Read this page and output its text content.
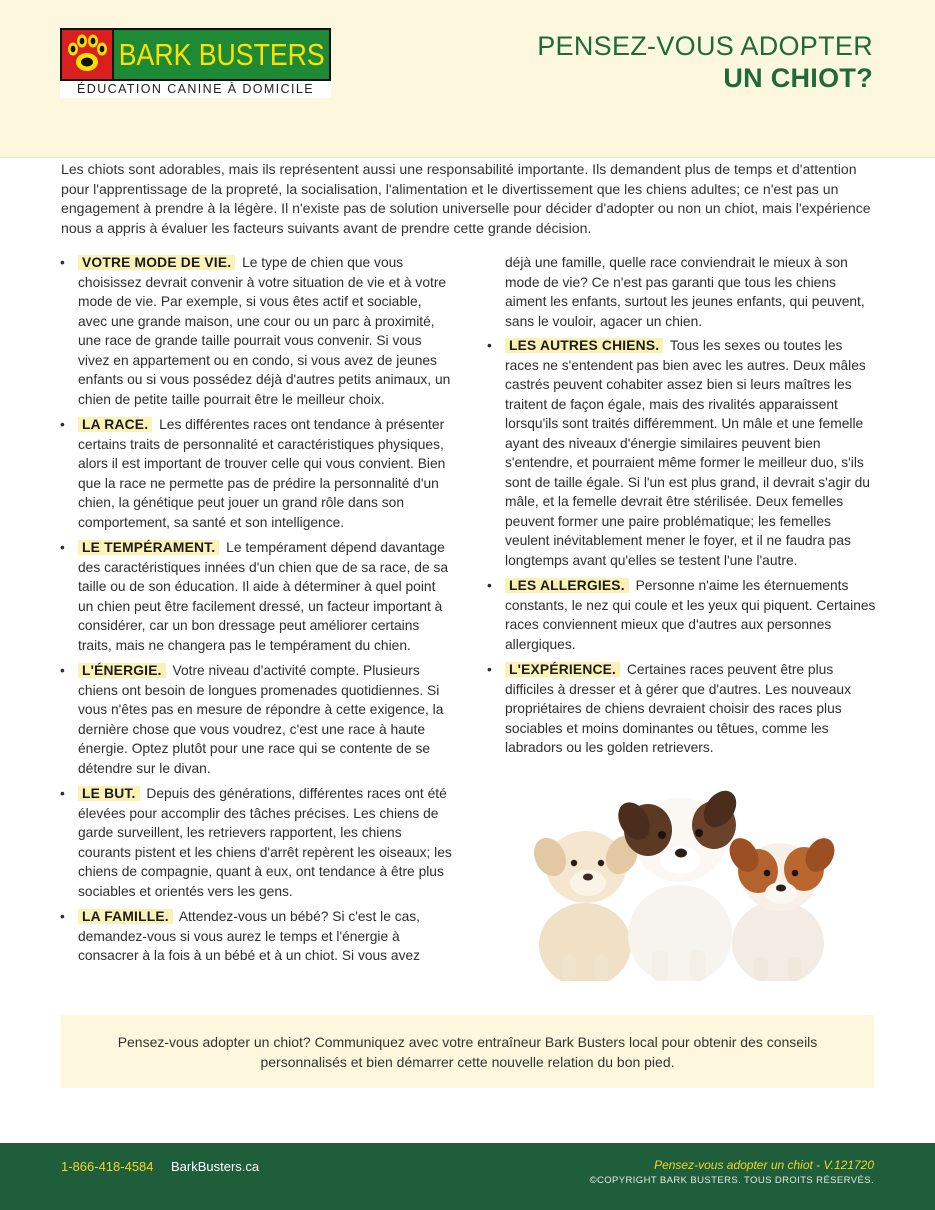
BARK BUSTERS
ÉDUCATION CANINE À DOMICILE
PENSEZ-VOUS ADOPTER
UN CHIOT?

Les chiots sont adorables, mais ils représentent aussi une responsabilité importante. Ils demandent plus de temps et d'attention pour l'apprentissage de la propreté, la socialisation, l'alimentation et le divertissement que les chiens adultes; ce n'est pas un engagement à prendre à la légère. Il n'existe pas de solution universelle pour décider d'adopter ou non un chiot, mais l'expérience nous a appris à évaluer les facteurs suivants avant de prendre cette grande décision.

•	VOTRE MODE DE VIE. Le type de chien que vous choisissez devrait convenir à votre situation de vie et à votre mode de vie. Par exemple, si vous êtes actif et sociable, avec une grande maison, une cour ou un parc à proximité, une race de grande taille pourrait vous convenir. Si vous vivez en appartement ou en condo, si vous avez de jeunes enfants ou si vous possédez déjà d'autres petits animaux, un chien de petite taille pourrait être le meilleur choix.
•	LA RACE. Les différentes races ont tendance à présenter certains traits de personnalité et caractéristiques physiques, alors il est important de trouver celle qui vous convient. Bien que la race ne permette pas de prédire la personnalité d'un chien, la génétique peut jouer un grand rôle dans son comportement, sa santé et son intelligence.
•	LE TEMPÉRAMENT. Le tempérament dépend davantage des caractéristiques innées d'un chien que de sa race, de sa taille ou de son éducation. Il aide à déterminer à quel point un chien peut être facilement dressé, un facteur important à considérer, car un bon dressage peut améliorer certains traits, mais ne changera pas le tempérament du chien.
•	L'ÉNERGIE. Votre niveau d'activité compte. Plusieurs chiens ont besoin de longues promenades quotidiennes. Si vous n'êtes pas en mesure de répondre à cette exigence, la dernière chose que vous voudrez, c'est une race à haute énergie. Optez plutôt pour une race qui se contente de se détendre sur le divan.
•	LE BUT. Depuis des générations, différentes races ont été élevées pour accomplir des tâches précises. Les chiens de garde surveillent, les retrievers rapportent, les chiens courants pistent et les chiens d'arrêt repèrent les oiseaux; les chiens de compagnie, quant à eux, ont tendance à être plus sociables et orientés vers les gens.
•	LA FAMILLE. Attendez-vous un bébé? Si c'est le cas, demandez-vous si vous aurez le temps et l'énergie à consacrer à la fois à un bébé et à un chiot. Si vous avez
déjà une famille, quelle race conviendrait le mieux à son mode de vie? Ce n'est pas garanti que tous les chiens aiment les enfants, surtout les jeunes enfants, qui peuvent, sans le vouloir, agacer un chien.
•	LES AUTRES CHIENS. Tous les sexes ou toutes les races ne s'entendent pas bien avec les autres. Deux mâles castrés peuvent cohabiter assez bien si leurs maîtres les traitent de façon égale, mais des rivalités apparaissent lorsqu'ils sont traités différemment. Un mâle et une femelle ayant des niveaux d'énergie similaires peuvent bien s'entendre, et pourraient même former le meilleur duo, s'ils sont de taille égale. Si l'un est plus grand, il devrait s'agir du mâle, et la femelle devrait être stérilisée. Deux femelles peuvent former une paire problématique; les femelles veulent inévitablement mener le foyer, et il ne faudra pas longtemps avant qu'elles se testent l'une l'autre.
•	LES ALLERGIES. Personne n'aime les éternuements constants, le nez qui coule et les yeux qui piquent. Certaines races conviennent mieux que d'autres aux personnes allergiques.
•	L'EXPÉRIENCE. Certaines races peuvent être plus difficiles à dresser et à gérer que d'autres. Les nouveaux propriétaires de chiens devraient choisir des races plus sociables et moins dominantes ou têtues, comme les labradors ou les golden retrievers.

Pensez-vous adopter un chiot? Communiquez avec votre entraîneur Bark Busters local pour obtenir des conseils personnalisés et bien démarrer cette nouvelle relation du bon pied.

1-866-418-4584 BarkBusters.ca	Pensez-vous adopter un chiot - V.121720
©COPYRIGHT BARK BUSTERS. TOUS DROITS RÉSERVÉS.
